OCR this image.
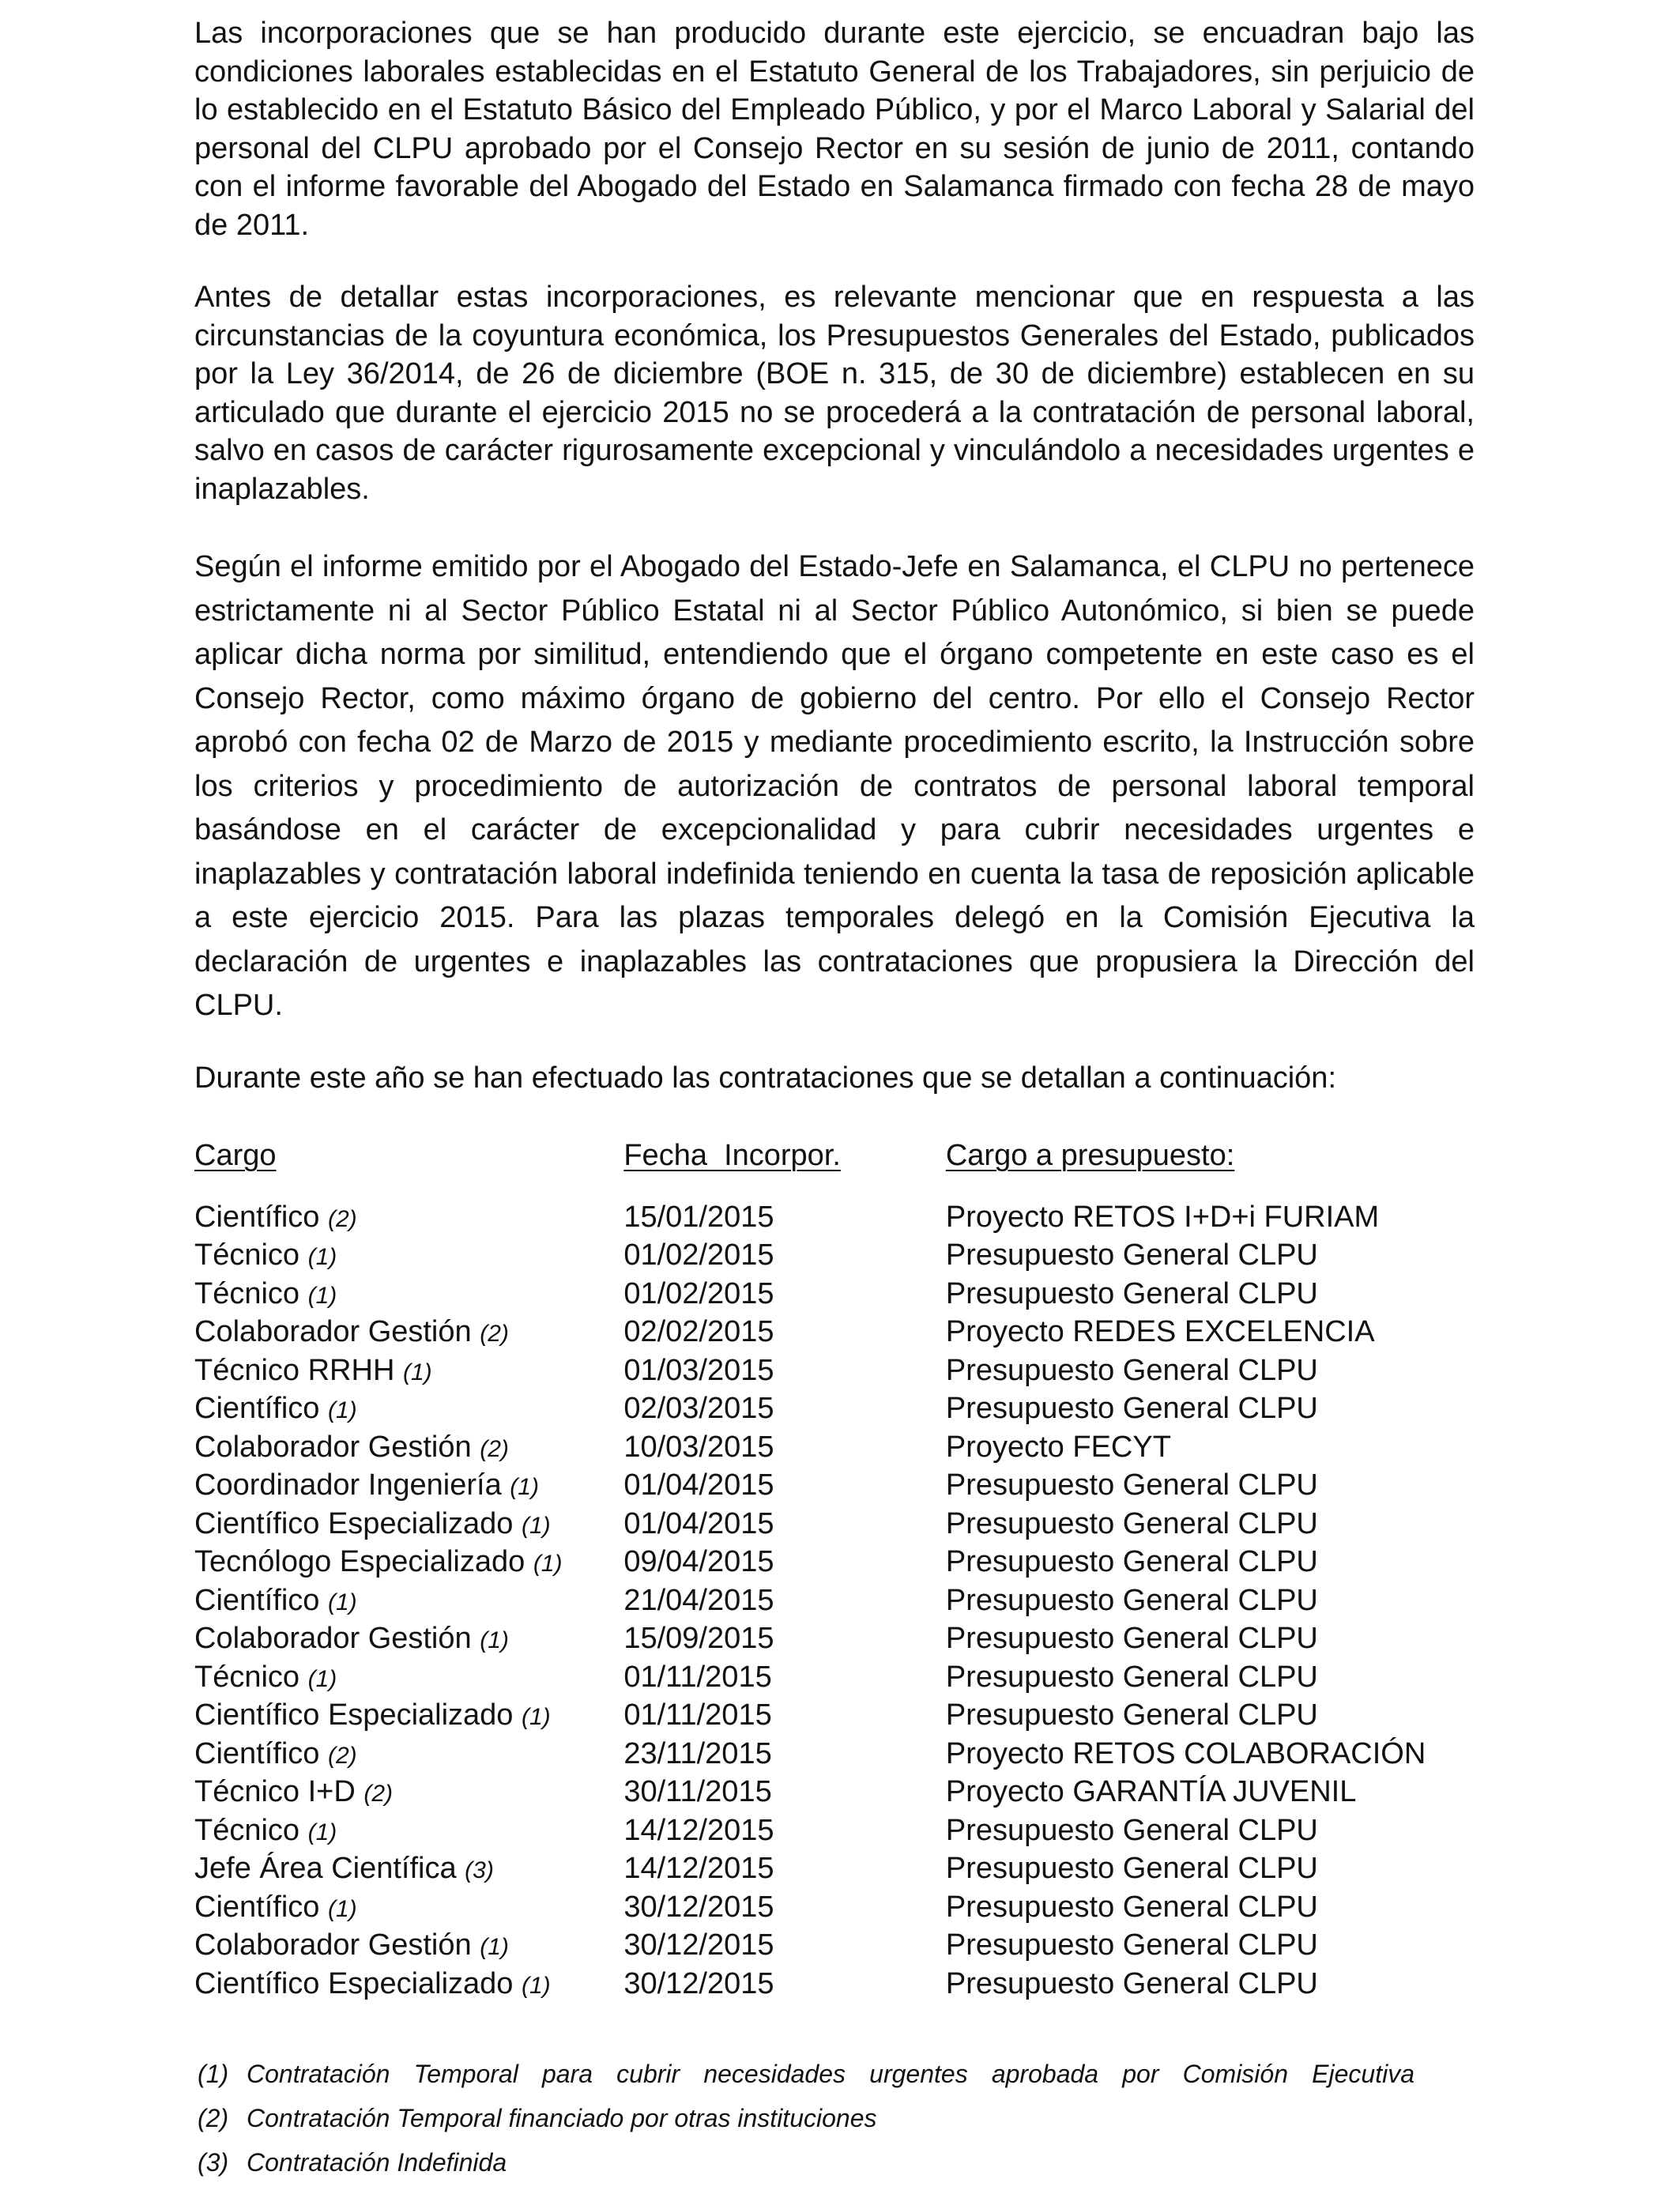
Las incorporaciones que se han producido durante este ejercicio, se encuadran bajo las condiciones laborales establecidas en el Estatuto General de los Trabajadores, sin perjuicio de lo establecido en el Estatuto Básico del Empleado Público, y por el Marco Laboral y Salarial del personal del CLPU aprobado por el Consejo Rector en su sesión de junio de 2011, contando con el informe favorable del Abogado del Estado en Salamanca firmado con fecha 28 de mayo de 2011.

Antes de detallar estas incorporaciones, es relevante mencionar que en respuesta a las circunstancias de la coyuntura económica, los Presupuestos Generales del Estado, publicados por la Ley 36/2014, de 26 de diciembre (BOE n. 315, de 30 de diciembre) establecen en su articulado que durante el ejercicio 2015 no se procederá a la contratación de personal laboral, salvo en casos de carácter rigurosamente excepcional y vinculándolo a necesidades urgentes e inaplazables.

Según el informe emitido por el Abogado del Estado-Jefe en Salamanca, el CLPU no pertenece estrictamente ni al Sector Público Estatal ni al Sector Público Autonómico, si bien se puede aplicar dicha norma por similitud, entendiendo que el órgano competente en este caso es el Consejo Rector, como máximo órgano de gobierno del centro. Por ello el Consejo Rector aprobó con fecha 02 de Marzo de 2015 y mediante procedimiento escrito, la Instrucción sobre los criterios y procedimiento de autorización de contratos de personal laboral temporal basándose en el carácter de excepcionalidad y para cubrir necesidades urgentes e inaplazables y contratación laboral indefinida teniendo en cuenta la tasa de reposición aplicable a este ejercicio 2015. Para las plazas temporales delegó en la Comisión Ejecutiva la declaración de urgentes e inaplazables las contrataciones que propusiera la Dirección del CLPU.

Durante este año se han efectuado las contrataciones que se detallan a continuación:

Cargo	Fecha  Incorpor.	Cargo a presupuesto:
Científico (2)	15/01/2015	Proyecto RETOS I+D+i FURIAM
Técnico (1)	01/02/2015	Presupuesto General CLPU
Técnico (1)	01/02/2015	Presupuesto General CLPU
Colaborador Gestión (2)	02/02/2015	Proyecto REDES EXCELENCIA
Técnico RRHH (1)	01/03/2015	Presupuesto General CLPU
Científico (1)	02/03/2015	Presupuesto General CLPU
Colaborador Gestión (2)	10/03/2015	Proyecto FECYT
Coordinador Ingeniería (1)	01/04/2015	Presupuesto General CLPU
Científico Especializado (1)	01/04/2015	Presupuesto General CLPU
Tecnólogo Especializado (1)	09/04/2015	Presupuesto General CLPU
Científico (1)	21/04/2015	Presupuesto General CLPU
Colaborador Gestión (1)	15/09/2015	Presupuesto General CLPU
Técnico (1)	01/11/2015	Presupuesto General CLPU
Científico Especializado (1)	01/11/2015	Presupuesto General CLPU
Científico (2)	23/11/2015	Proyecto RETOS COLABORACIÓN
Técnico I+D (2)	30/11/2015	Proyecto GARANTÍA JUVENIL
Técnico (1)	14/12/2015	Presupuesto General CLPU
Jefe Área Científica (3)	14/12/2015	Presupuesto General CLPU
Científico (1)	30/12/2015	Presupuesto General CLPU
Colaborador Gestión (1)	30/12/2015	Presupuesto General CLPU
Científico Especializado (1)	30/12/2015	Presupuesto General CLPU
(1) Contratación Temporal para cubrir necesidades urgentes aprobada por Comisión Ejecutiva
(2) Contratación Temporal financiado por otras instituciones
(3) Contratación Indefinida
